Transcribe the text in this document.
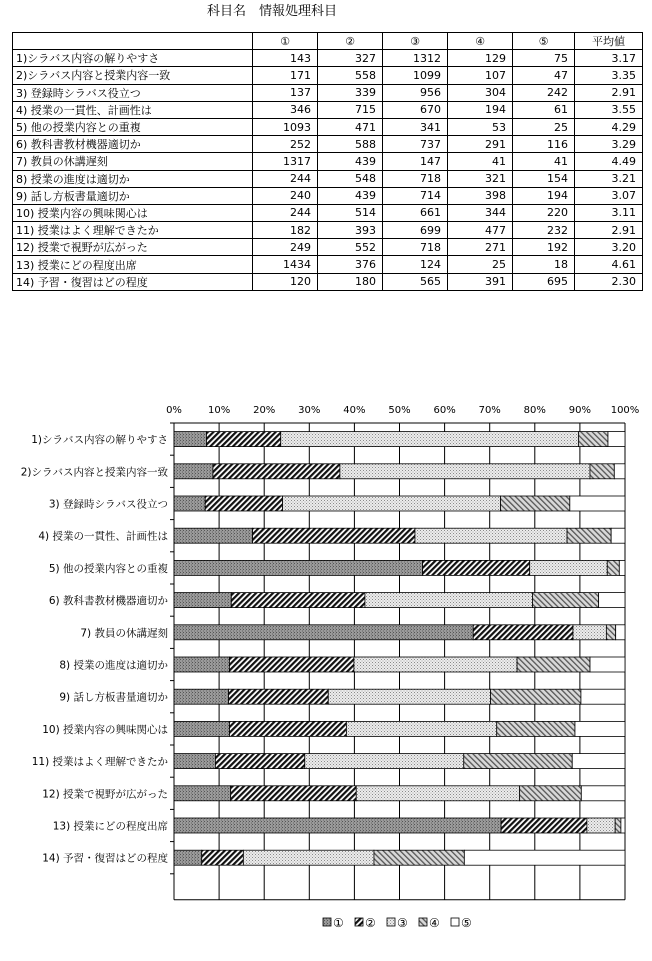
科目名　情報処理科目
	①	②	③	④	⑤	平均値
1)シラバス内容の解りやすさ	143	327	1312	129	75	3.17
2)シラバス内容と授業内容一致	171	558	1099	107	47	3.35
3) 登録時シラバス役立つ	137	339	956	304	242	2.91
4) 授業の一貫性、計画性は	346	715	670	194	61	3.55
5) 他の授業内容との重複	1093	471	341	53	25	4.29
6) 教科書教材機器適切か	252	588	737	291	116	3.29
7) 教員の休講遅刻	1317	439	147	41	41	4.49
8) 授業の進度は適切か	244	548	718	321	154	3.21
9) 話し方板書量適切か	240	439	714	398	194	3.07
10) 授業内容の興味関心は	244	514	661	344	220	3.11
11) 授業はよく理解できたか	182	393	699	477	232	2.91
12) 授業で視野が広がった	249	552	718	271	192	3.20
13) 授業にどの程度出席	1434	376	124	25	18	4.61
14) 予習・復習はどの程度	120	180	565	391	695	2.30
0%	10% 20% 30% 40% 50% 60% 70% 80% 90% 100%
1)シラバス内容の解りやすさ
2)シラバス内容と授業内容一致
3) 登録時シラバス役立つ
4) 授業の一貫性、計画性は
5) 他の授業内容との重複
6) 教科書教材機器適切か
7) 教員の休講遅刻
8) 授業の進度は適切か
9) 話し方板書量適切か
10) 授業内容の興味関心は
11) 授業はよく理解できたか
12) 授業で視野が広がった
13) 授業にどの程度出席
14) 予習・復習はどの程度
① ② ③ ④ ⑤
